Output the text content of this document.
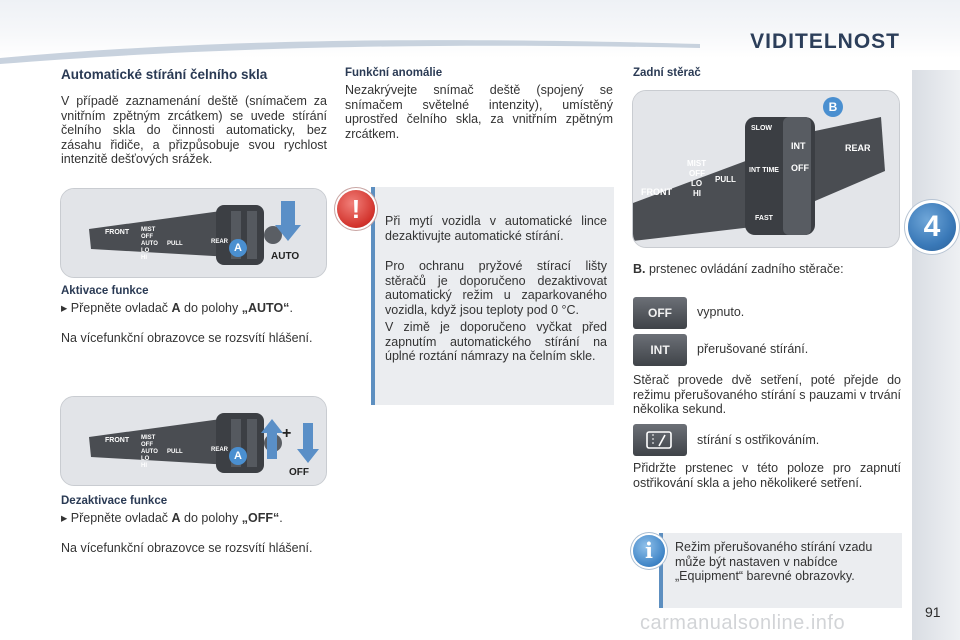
VIDITELNOST
4
Automatické stírání čelního skla
V případě zaznamenání deště (snímačem za vnitřním zpětným zrcátkem) se uvede stírání čelního skla do činnosti automaticky, bez zásahu řidiče, a přizpůsobuje svou rychlost intenzitě dešťových srážek.
FRONT MIST
OFF
AUTO
LO
HI
PULL	REAR A
AUTO
Aktivace funkce
▸ Přepněte ovladač A do polohy „AUTO“.
Na vícefunkční obrazovce se rozsvítí hlášení.
FRONT MIST
OFF
AUTO
LO
HI
PULL	REAR A
+
OFF
Dezaktivace funkce
▸ Přepněte ovladač A do polohy „OFF“.
Na vícefunkční obrazovce se rozsvítí hlášení.
Funkční anomálie
Nezakrývejte snímač deště (spojený se snímačem světelné intenzity), umístěný uprostřed čelního skla, za vnitřním zpětným zrcátkem.
Při mytí vozidla v automatické lince dezaktivujte automatické stírání.
Pro ochranu pryžové stírací lišty stěračů je doporučeno dezaktivovat automatický režim u zaparkovaného vozidla, když jsou teploty pod 0 °C.
V zimě je doporučeno vyčkat před zapnutím automatického stírání na úplné roztání námrazy na čelním skle.
!
Zadní stěrač
FRONT
MIST
OFF
LO
HI
PULL
SLOW
INT TIME
FAST
INT
OFF
REAR
B
B. prstenec ovládání zadního stěrače:
OFF	vypnuto.
INT	přerušované stírání.
Stěrač provede dvě setření, poté přejde do režimu přerušovaného stírání s pauzami v trvání několika sekund.
stírání s ostřikováním.
Přidržte prstenec v této poloze pro zapnutí ostřikování skla a jeho několikeré setření.
Režim přerušovaného stírání vzadu může být nastaven v nabídce „Equipment“ barevné obrazovky.
i
91
carmanualsonline.info
